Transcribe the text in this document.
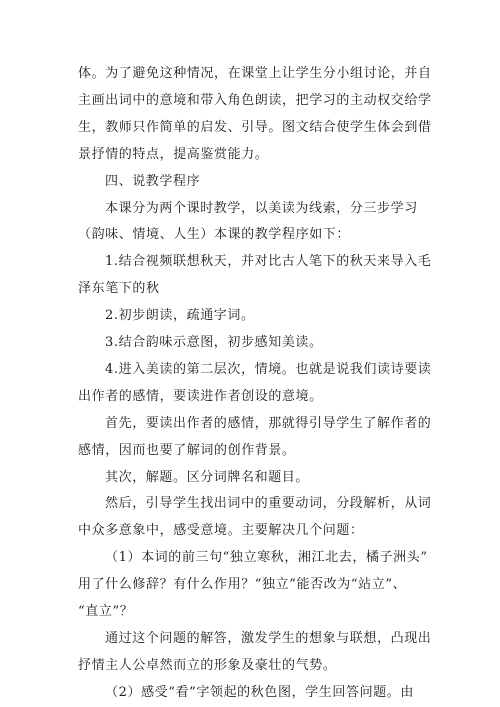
体。为了避免这种情况，在课堂上让学生分小组讨论，并自
主画出词中的意境和带入角色朗读，把学习的主动权交给学
生，教师只作简单的启发、引导。图文结合使学生体会到借
景抒情的特点，提高鉴赏能力。
四、说教学程序
本课分为两个课时教学，以美读为线索，分三步学习
（韵味、情境、人生）本课的教学程序如下：
1.结合视频联想秋天，并对比古人笔下的秋天来导入毛
泽东笔下的秋
2.初步朗读，疏通字词。
3.结合韵味示意图，初步感知美读。
4.进入美读的第二层次，情境。也就是说我们读诗要读
出作者的感情，要读进作者创设的意境。
首先，要读出作者的感情，那就得引导学生了解作者的
感情，因而也要了解词的创作背景。
其次，解题。区分词牌名和题目。
然后，引导学生找出词中的重要动词，分段解析，从词
中众多意象中，感受意境。主要解决几个问题：
（1）本词的前三句“独立寒秋，湘江北去，橘子洲头”
用了什么修辞？有什么作用？“独立”能否改为“站立”、
“直立”？
通过这个问题的解答，激发学生的想象与联想，凸现出
抒情主人公卓然而立的形象及豪壮的气势。
（2）感受“看”字领起的秋色图，学生回答问题。由
